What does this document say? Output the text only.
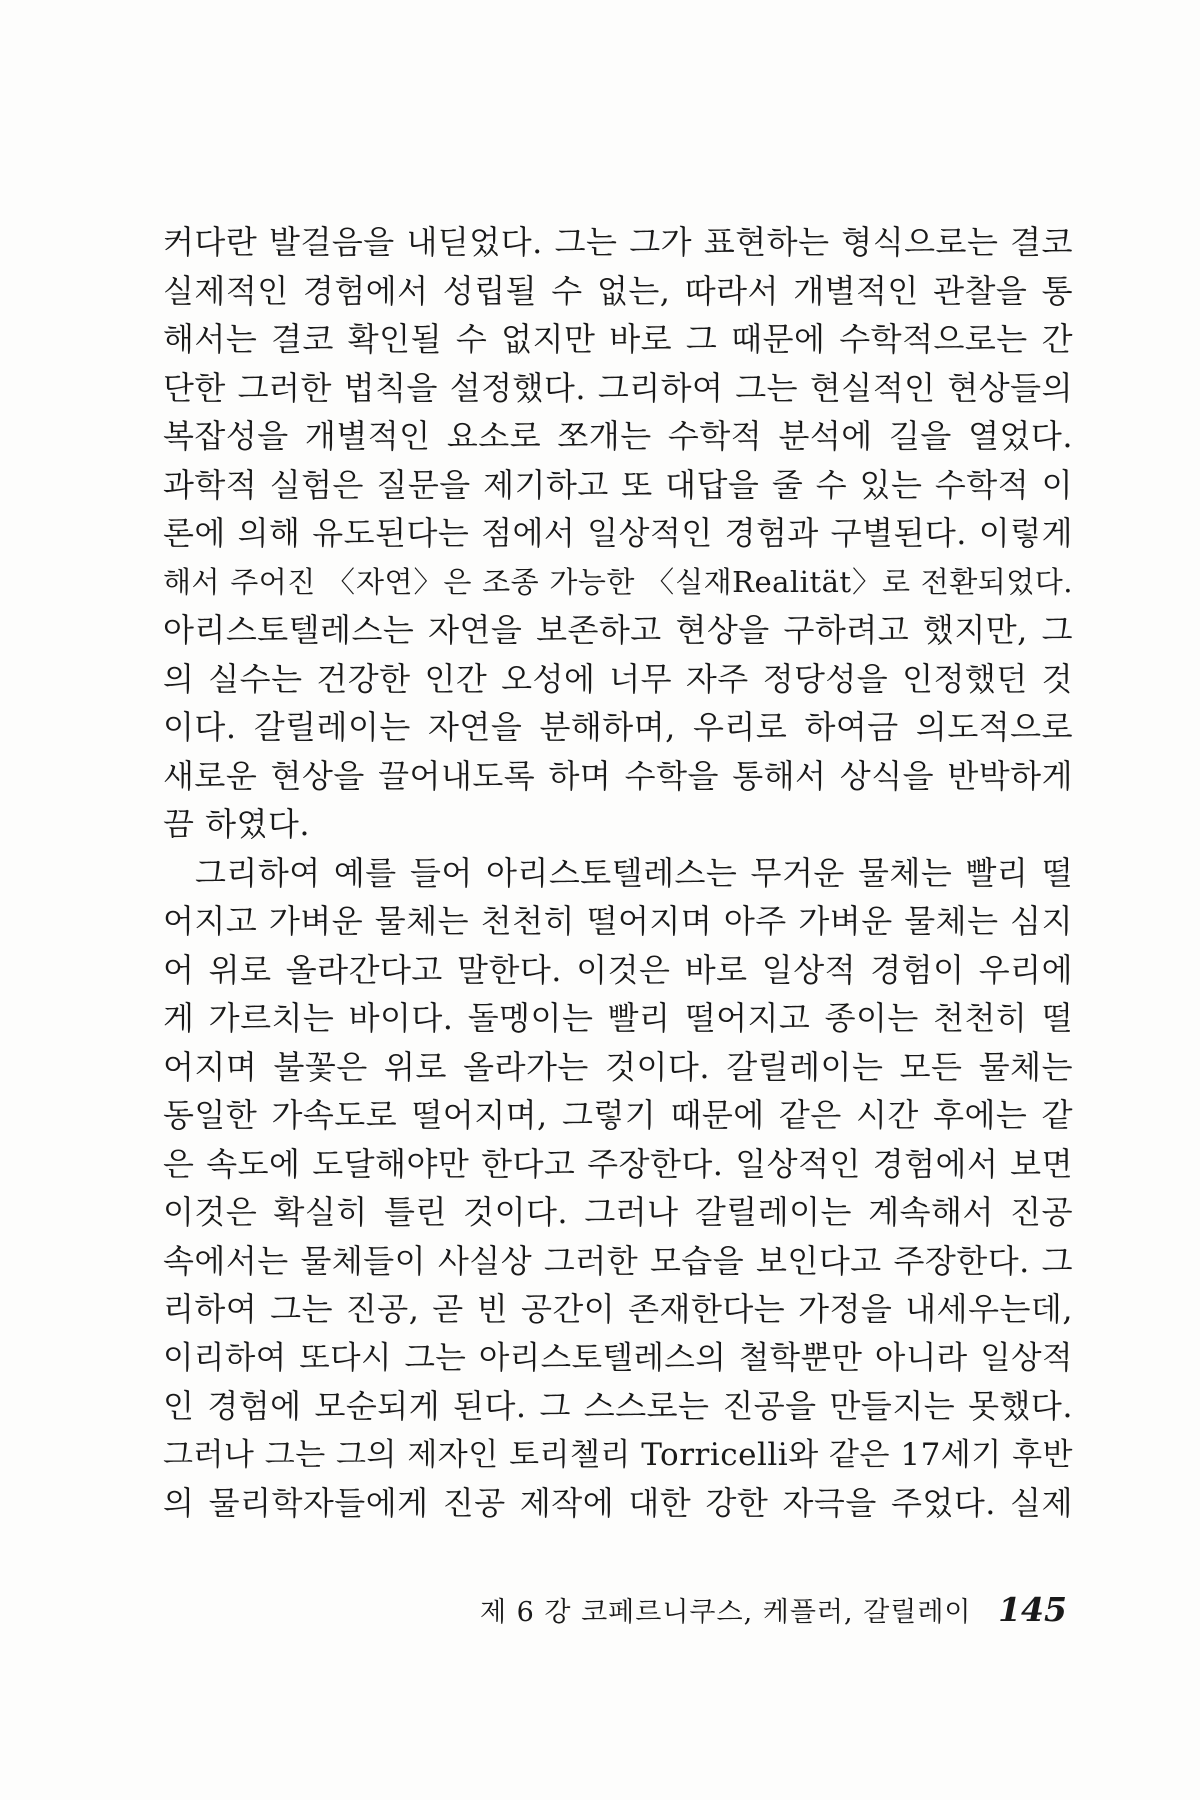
커다란 발걸음을 내딛었다. 그는 그가 표현하는 형식으로는 결코
실제적인 경험에서 성립될 수 없는, 따라서 개별적인 관찰을 통
해서는 결코 확인될 수 없지만 바로 그 때문에 수학적으로는 간
단한 그러한 법칙을 설정했다. 그리하여 그는 현실적인 현상들의
복잡성을 개별적인 요소로 쪼개는 수학적 분석에 길을 열었다.
과학적 실험은 질문을 제기하고 또 대답을 줄 수 있는 수학적 이
론에 의해 유도된다는 점에서 일상적인 경험과 구별된다. 이렇게
해서 주어진 〈자연〉은 조종 가능한 〈실재Realität〉로 전환되었다.
아리스토텔레스는 자연을 보존하고 현상을 구하려고 했지만, 그
의 실수는 건강한 인간 오성에 너무 자주 정당성을 인정했던 것
이다. 갈릴레이는 자연을 분해하며, 우리로 하여금 의도적으로
새로운 현상을 끌어내도록 하며 수학을 통해서 상식을 반박하게
끔 하였다.
그리하여 예를 들어 아리스토텔레스는 무거운 물체는 빨리 떨
어지고 가벼운 물체는 천천히 떨어지며 아주 가벼운 물체는 심지
어 위로 올라간다고 말한다. 이것은 바로 일상적 경험이 우리에
게 가르치는 바이다. 돌멩이는 빨리 떨어지고 종이는 천천히 떨
어지며 불꽃은 위로 올라가는 것이다. 갈릴레이는 모든 물체는
동일한 가속도로 떨어지며, 그렇기 때문에 같은 시간 후에는 같
은 속도에 도달해야만 한다고 주장한다. 일상적인 경험에서 보면
이것은 확실히 틀린 것이다. 그러나 갈릴레이는 계속해서 진공
속에서는 물체들이 사실상 그러한 모습을 보인다고 주장한다. 그
리하여 그는 진공, 곧 빈 공간이 존재한다는 가정을 내세우는데,
이리하여 또다시 그는 아리스토텔레스의 철학뿐만 아니라 일상적
인 경험에 모순되게 된다. 그 스스로는 진공을 만들지는 못했다.
그러나 그는 그의 제자인 토리첼리 Torricelli와 같은 17세기 후반
의 물리학자들에게 진공 제작에 대한 강한 자극을 주었다. 실제
제 6 강 코페르니쿠스, 케플러, 갈릴레이 145
